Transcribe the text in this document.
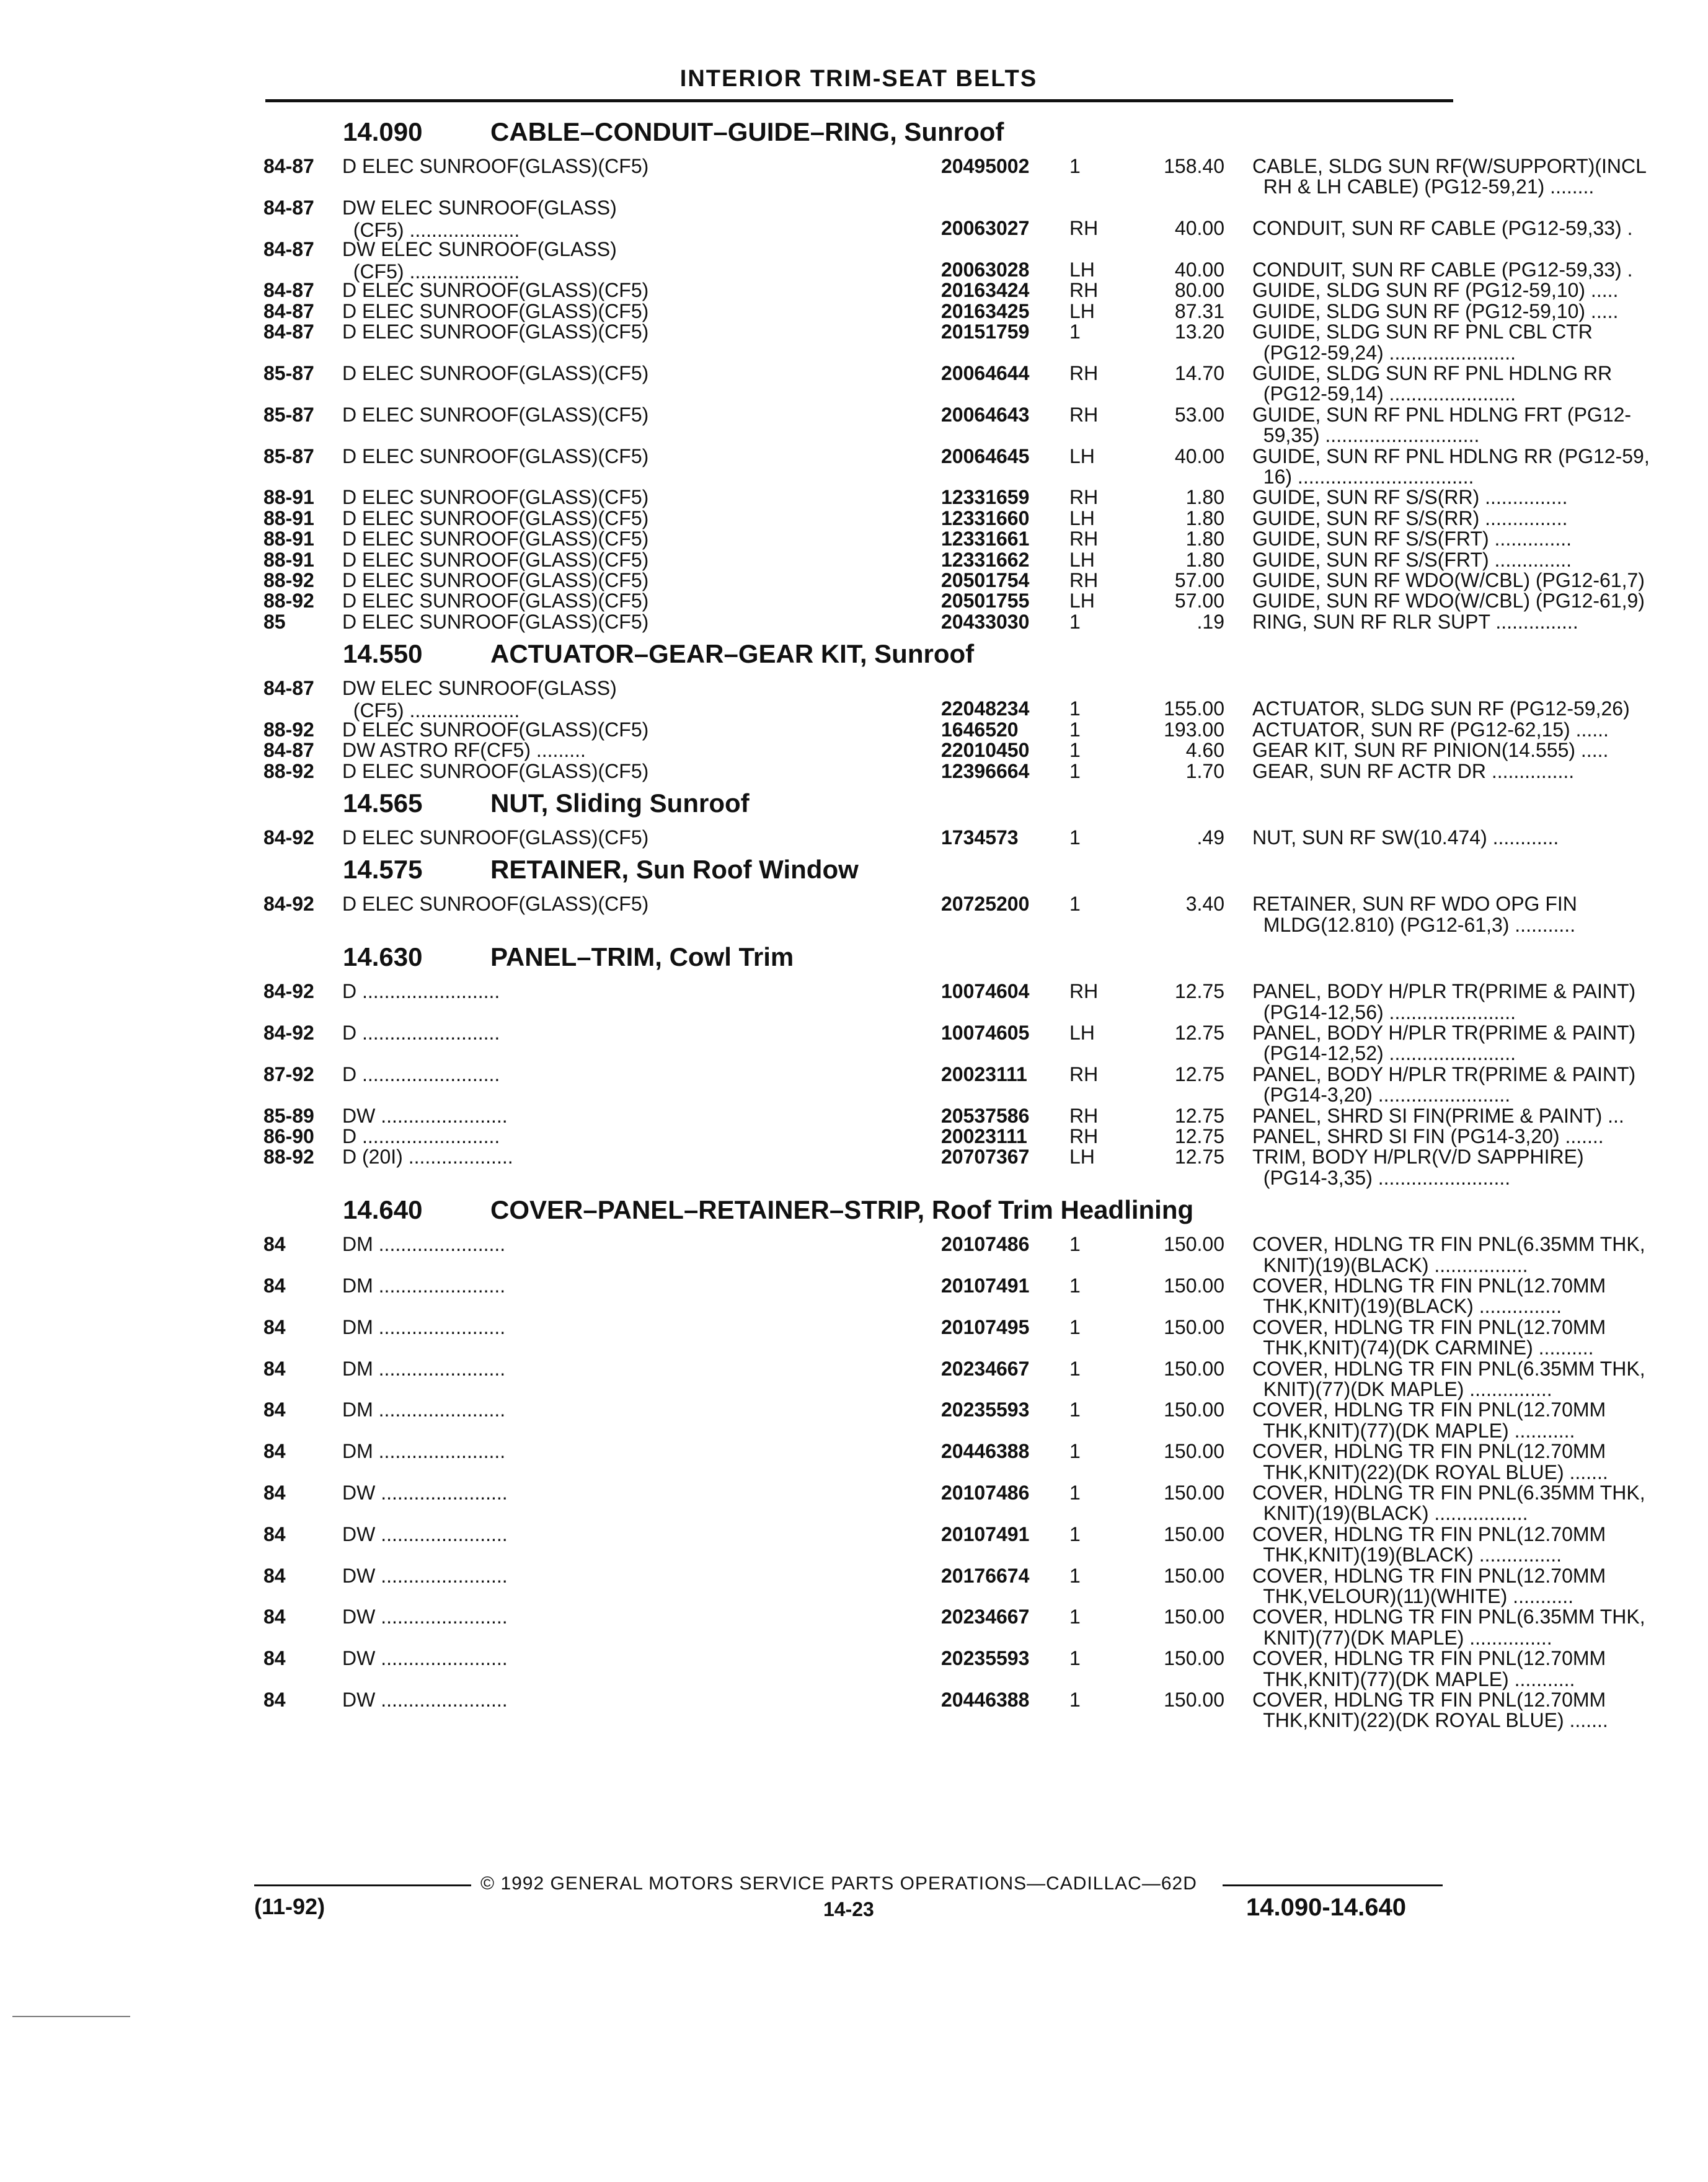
INTERIOR TRIM-SEAT BELTS
14.090	CABLE–CONDUIT–GUIDE–RING, Sunroof
84-87	D ELEC SUNROOF(GLASS)(CF5)	20495002	1	158.40 CABLE, SLDG SUN RF(W/SUPPORT)(INCL
RH & LH CABLE) (PG12-59,21) ........
84-87	DW ELEC SUNROOF(GLASS)
(CF5) ....................	20063027	RH	40.00 CONDUIT, SUN RF CABLE (PG12-59,33) .
84-87	DW ELEC SUNROOF(GLASS)
(CF5) ....................	20063028	LH	40.00 CONDUIT, SUN RF CABLE (PG12-59,33) .
84-87	D ELEC SUNROOF(GLASS)(CF5)	20163424	RH	80.00 GUIDE, SLDG SUN RF (PG12-59,10) .....
84-87	D ELEC SUNROOF(GLASS)(CF5)	20163425	LH	87.31 GUIDE, SLDG SUN RF (PG12-59,10) .....
84-87	D ELEC SUNROOF(GLASS)(CF5)	20151759	1	13.20 GUIDE, SLDG SUN RF PNL CBL CTR
(PG12-59,24) .......................
85-87	D ELEC SUNROOF(GLASS)(CF5)	20064644	RH	14.70 GUIDE, SLDG SUN RF PNL HDLNG RR
(PG12-59,14) .......................
85-87	D ELEC SUNROOF(GLASS)(CF5)	20064643	RH	53.00 GUIDE, SUN RF PNL HDLNG FRT (PG12-
59,35) ............................
85-87	D ELEC SUNROOF(GLASS)(CF5)	20064645	LH	40.00 GUIDE, SUN RF PNL HDLNG RR (PG12-59,
16) ................................
88-91	D ELEC SUNROOF(GLASS)(CF5)	12331659	RH	1.80 GUIDE, SUN RF S/S(RR) ...............
88-91	D ELEC SUNROOF(GLASS)(CF5)	12331660	LH	1.80 GUIDE, SUN RF S/S(RR) ...............
88-91	D ELEC SUNROOF(GLASS)(CF5)	12331661	RH	1.80 GUIDE, SUN RF S/S(FRT) ..............
88-91	D ELEC SUNROOF(GLASS)(CF5)	12331662	LH	1.80 GUIDE, SUN RF S/S(FRT) ..............
88-92	D ELEC SUNROOF(GLASS)(CF5)	20501754	RH	57.00 GUIDE, SUN RF WDO(W/CBL) (PG12-61,7)
88-92	D ELEC SUNROOF(GLASS)(CF5)	20501755	LH	57.00 GUIDE, SUN RF WDO(W/CBL) (PG12-61,9)
85	D ELEC SUNROOF(GLASS)(CF5)	20433030	1	.19 RING, SUN RF RLR SUPT ...............
14.550	ACTUATOR–GEAR–GEAR KIT, Sunroof
84-87	DW ELEC SUNROOF(GLASS)
(CF5) ....................	22048234	1	155.00 ACTUATOR, SLDG SUN RF (PG12-59,26)
88-92	D ELEC SUNROOF(GLASS)(CF5)	1646520	1	193.00 ACTUATOR, SUN RF (PG12-62,15) ......
84-87	DW ASTRO RF(CF5) .........	22010450	1	4.60 GEAR KIT, SUN RF PINION(14.555) .....
88-92	D ELEC SUNROOF(GLASS)(CF5)	12396664	1	1.70 GEAR, SUN RF ACTR DR ...............
14.565	NUT, Sliding Sunroof
84-92	D ELEC SUNROOF(GLASS)(CF5)	1734573	1	.49 NUT, SUN RF SW(10.474) ............
14.575	RETAINER, Sun Roof Window
84-92	D ELEC SUNROOF(GLASS)(CF5)	20725200	1	3.40 RETAINER, SUN RF WDO OPG FIN
MLDG(12.810) (PG12-61,3) ...........
14.630	PANEL–TRIM, Cowl Trim
84-92	D .........................	10074604	RH	12.75 PANEL, BODY H/PLR TR(PRIME & PAINT)
(PG14-12,56) .......................
84-92	D .........................	10074605	LH	12.75 PANEL, BODY H/PLR TR(PRIME & PAINT)
(PG14-12,52) .......................
87-92	D .........................	20023111	RH	12.75 PANEL, BODY H/PLR TR(PRIME & PAINT)
(PG14-3,20) ........................
85-89	DW .......................	20537586	RH	12.75 PANEL, SHRD SI FIN(PRIME & PAINT) ...
86-90	D .........................	20023111	RH	12.75 PANEL, SHRD SI FIN (PG14-3,20) .......
88-92	D (20I) ...................	20707367	LH	12.75 TRIM, BODY H/PLR(V/D SAPPHIRE)
(PG14-3,35) ........................
14.640	COVER–PANEL–RETAINER–STRIP, Roof Trim Headlining
84	DM .......................	20107486	1	150.00 COVER, HDLNG TR FIN PNL(6.35MM THK,
KNIT)(19)(BLACK) .................
84	DM .......................	20107491	1	150.00 COVER, HDLNG TR FIN PNL(12.70MM
THK,KNIT)(19)(BLACK) ...............
84	DM .......................	20107495	1	150.00 COVER, HDLNG TR FIN PNL(12.70MM
THK,KNIT)(74)(DK CARMINE) ..........
84	DM .......................	20234667	1	150.00 COVER, HDLNG TR FIN PNL(6.35MM THK,
KNIT)(77)(DK MAPLE) ...............
84	DM .......................	20235593	1	150.00 COVER, HDLNG TR FIN PNL(12.70MM
THK,KNIT)(77)(DK MAPLE) ...........
84	DM .......................	20446388	1	150.00 COVER, HDLNG TR FIN PNL(12.70MM
THK,KNIT)(22)(DK ROYAL BLUE) .......
84	DW .......................	20107486	1	150.00 COVER, HDLNG TR FIN PNL(6.35MM THK,
KNIT)(19)(BLACK) .................
84	DW .......................	20107491	1	150.00 COVER, HDLNG TR FIN PNL(12.70MM
THK,KNIT)(19)(BLACK) ...............
84	DW .......................	20176674	1	150.00 COVER, HDLNG TR FIN PNL(12.70MM
THK,VELOUR)(11)(WHITE) ...........
84	DW .......................	20234667	1	150.00 COVER, HDLNG TR FIN PNL(6.35MM THK,
KNIT)(77)(DK MAPLE) ...............
84	DW .......................	20235593	1	150.00 COVER, HDLNG TR FIN PNL(12.70MM
THK,KNIT)(77)(DK MAPLE) ...........
84	DW .......................	20446388	1	150.00 COVER, HDLNG TR FIN PNL(12.70MM
THK,KNIT)(22)(DK ROYAL BLUE) .......
© 1992 GENERAL MOTORS SERVICE PARTS OPERATIONS—CADILLAC—62D
(11-92)	14-23	14.090-14.640
